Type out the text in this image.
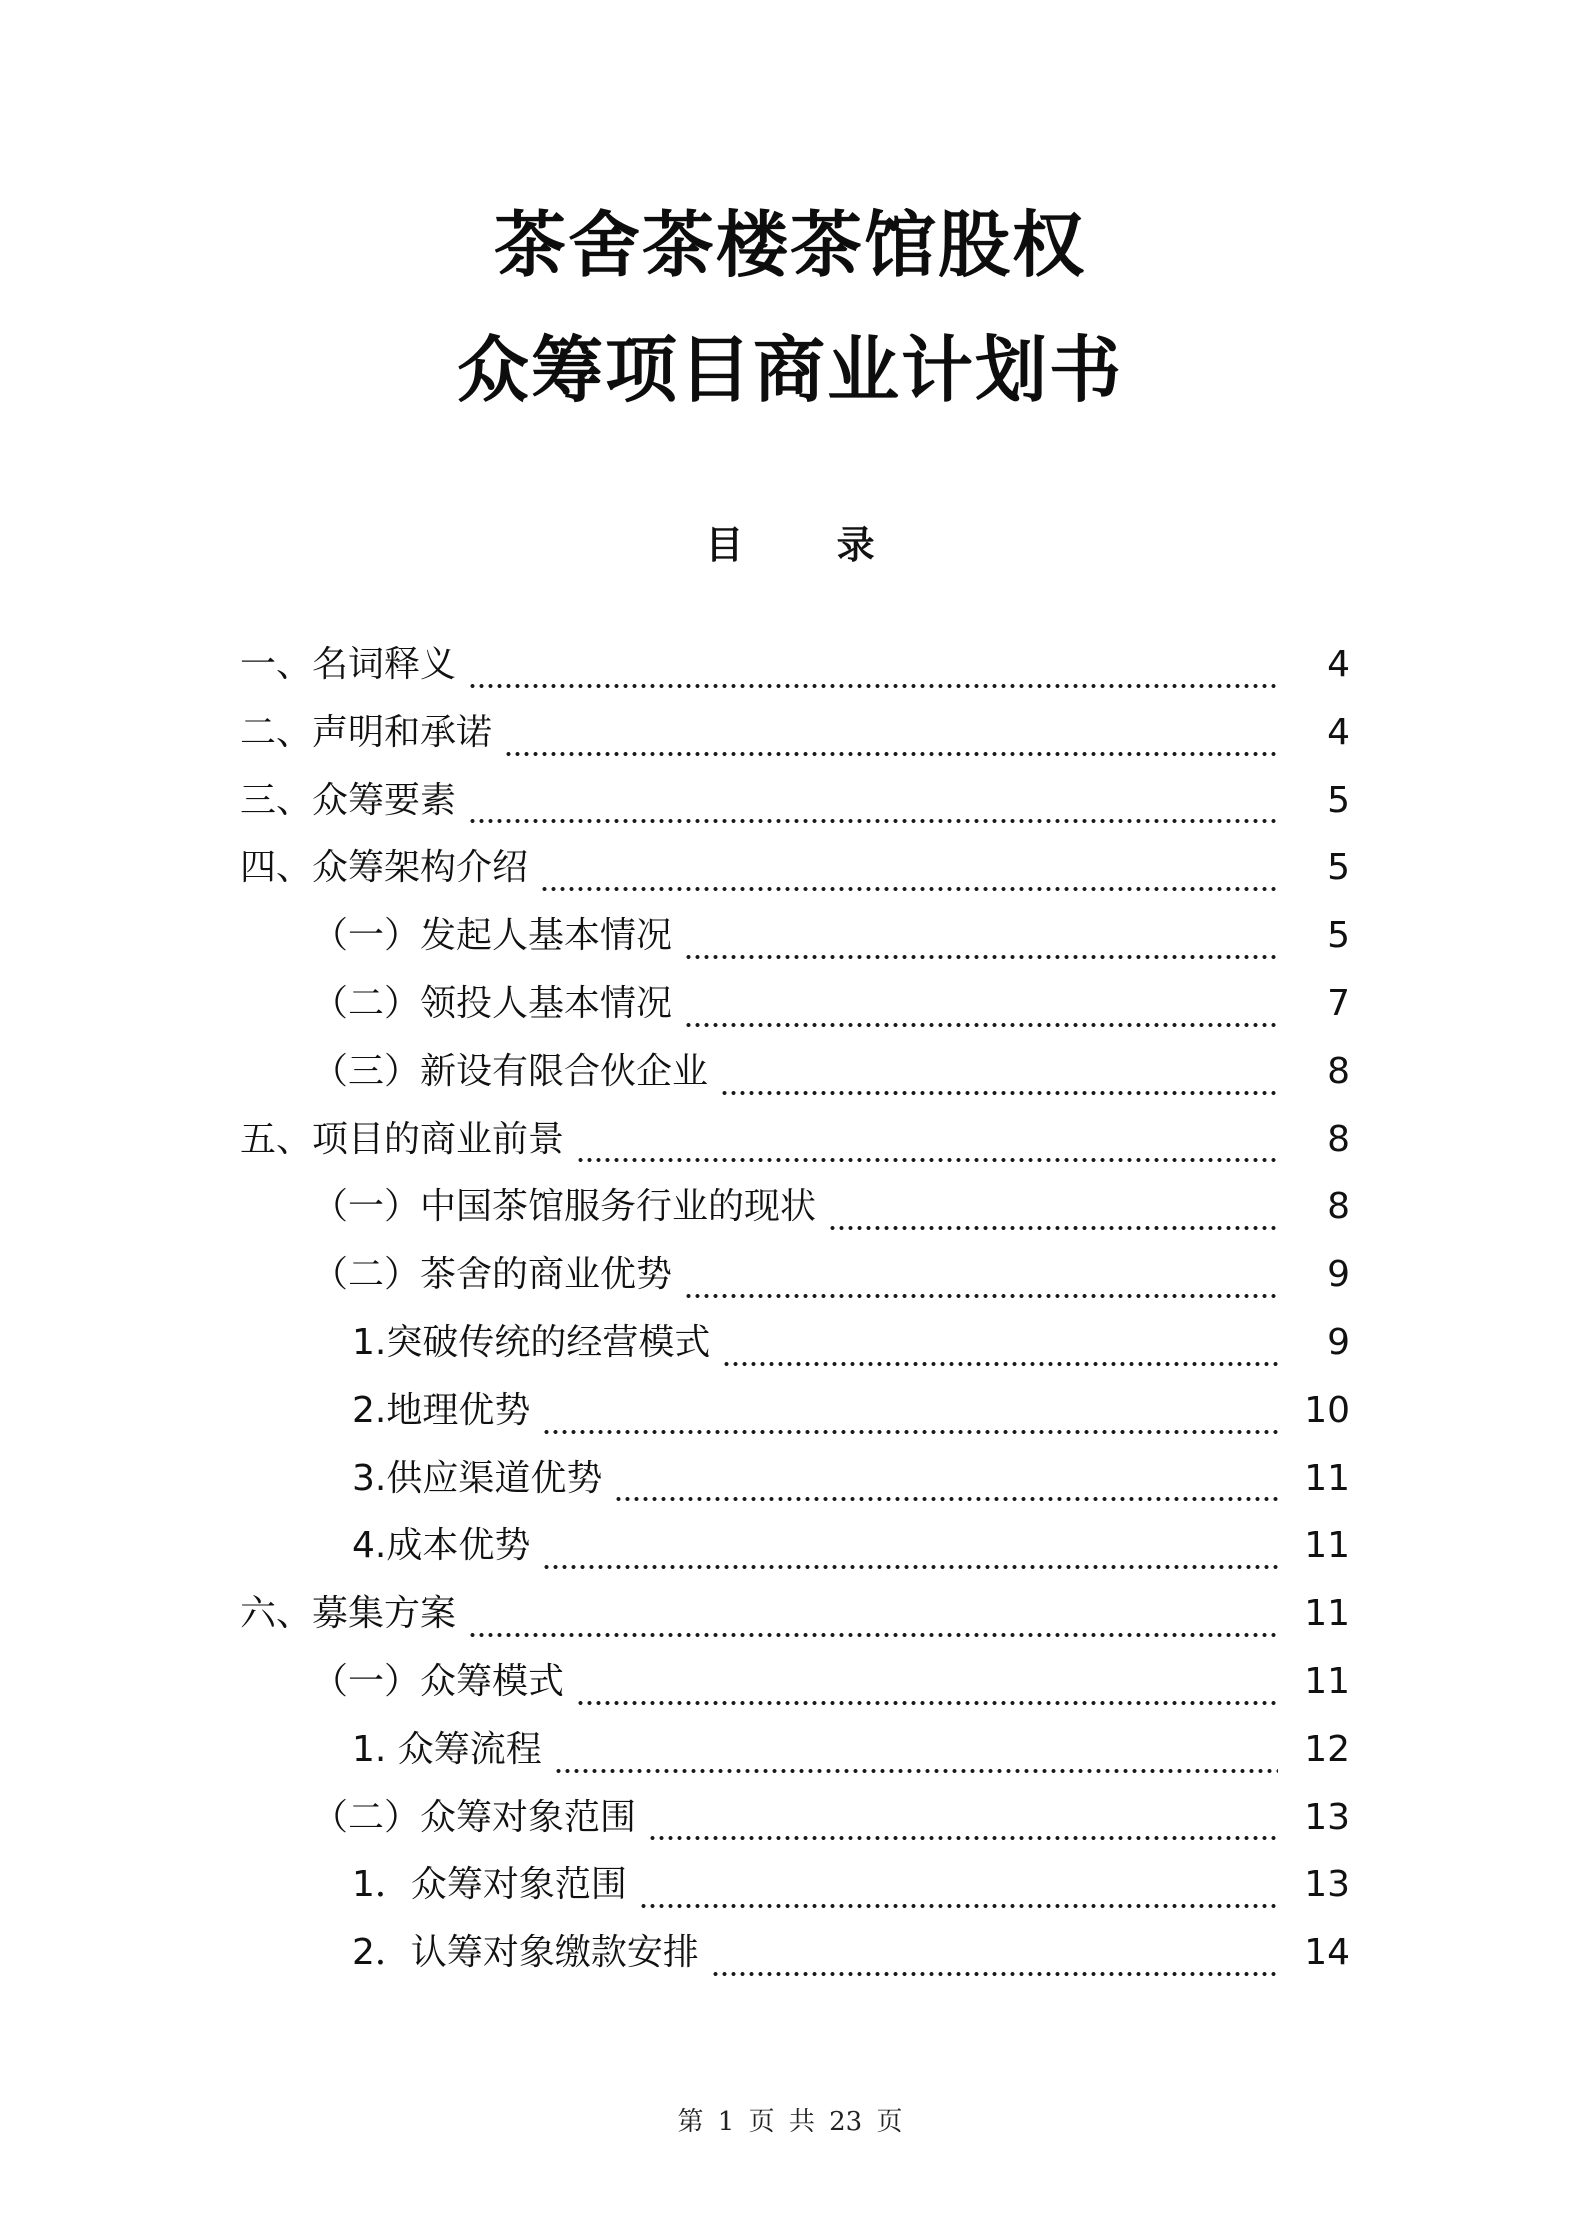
茶舍茶楼茶馆股权
众筹项目商业计划书
目 录
一、名词释义	4
二、声明和承诺	4
三、众筹要素	5
四、众筹架构介绍	5
（一）发起人基本情况	5
（二）领投人基本情况	7
（三）新设有限合伙企业	8
五、项目的商业前景	8
（一）中国茶馆服务行业的现状	8
（二）茶舍的商业优势	9
1.突破传统的经营模式	9
2.地理优势	10
3.供应渠道优势	11
4.成本优势	11
六、募集方案	11
（一）众筹模式	11
1. 众筹流程	12
（二）众筹对象范围	13
1．众筹对象范围	13
2．认筹对象缴款安排	14
第 1 页 共 23 页
